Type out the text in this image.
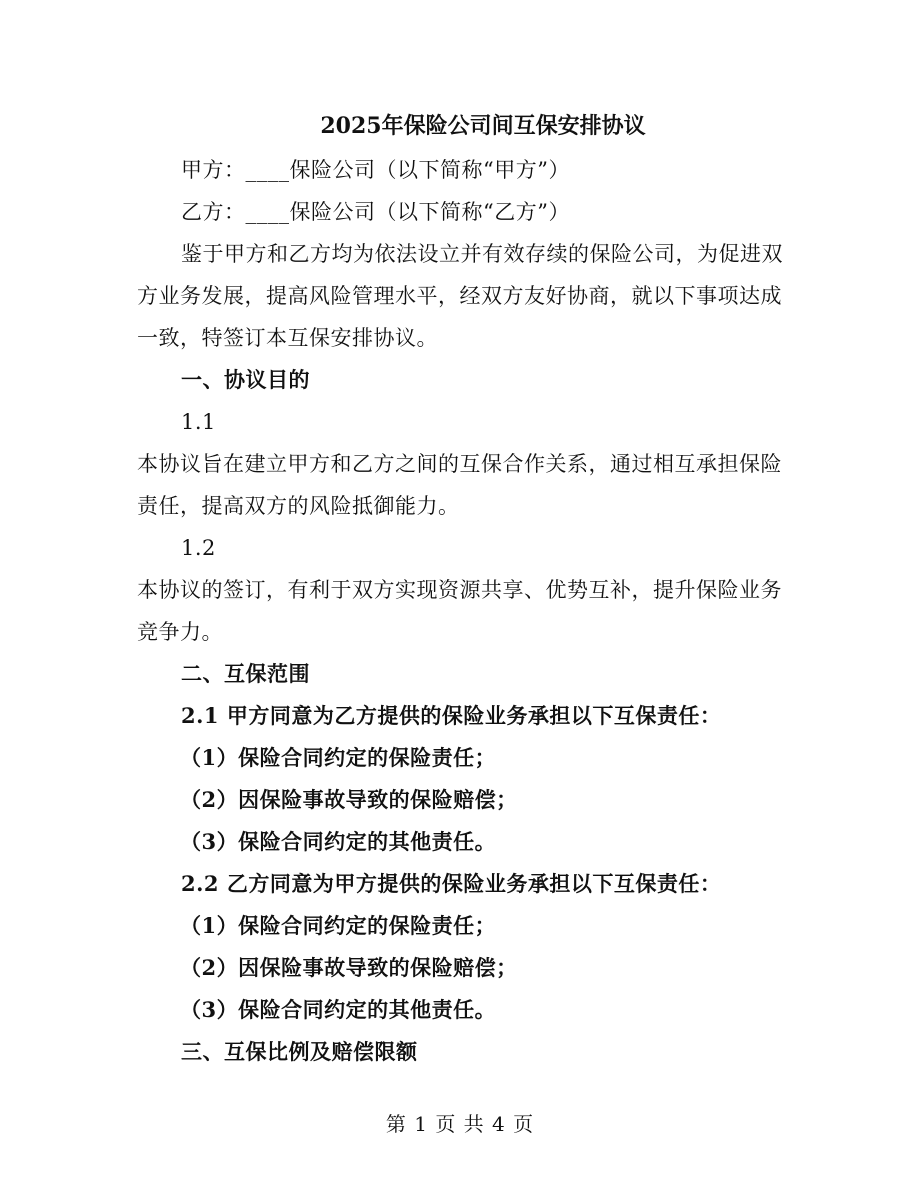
2025年保险公司间互保安排协议
甲方：____保险公司（以下简称“甲方”）
乙方：____保险公司（以下简称“乙方”）
鉴于甲方和乙方均为依法设立并有效存续的保险公司，为促进双
方业务发展，提高风险管理水平，经双方友好协商，就以下事项达成
一致，特签订本互保安排协议。
一、协议目的
1.1
本协议旨在建立甲方和乙方之间的互保合作关系，通过相互承担保险
责任，提高双方的风险抵御能力。
1.2
本协议的签订，有利于双方实现资源共享、优势互补，提升保险业务
竞争力。
二、互保范围
2.1 甲方同意为乙方提供的保险业务承担以下互保责任：
（1）保险合同约定的保险责任；
（2）因保险事故导致的保险赔偿；
（3）保险合同约定的其他责任。
2.2 乙方同意为甲方提供的保险业务承担以下互保责任：
（1）保险合同约定的保险责任；
（2）因保险事故导致的保险赔偿；
（3）保险合同约定的其他责任。
三、互保比例及赔偿限额
第 1 页 共 4 页
